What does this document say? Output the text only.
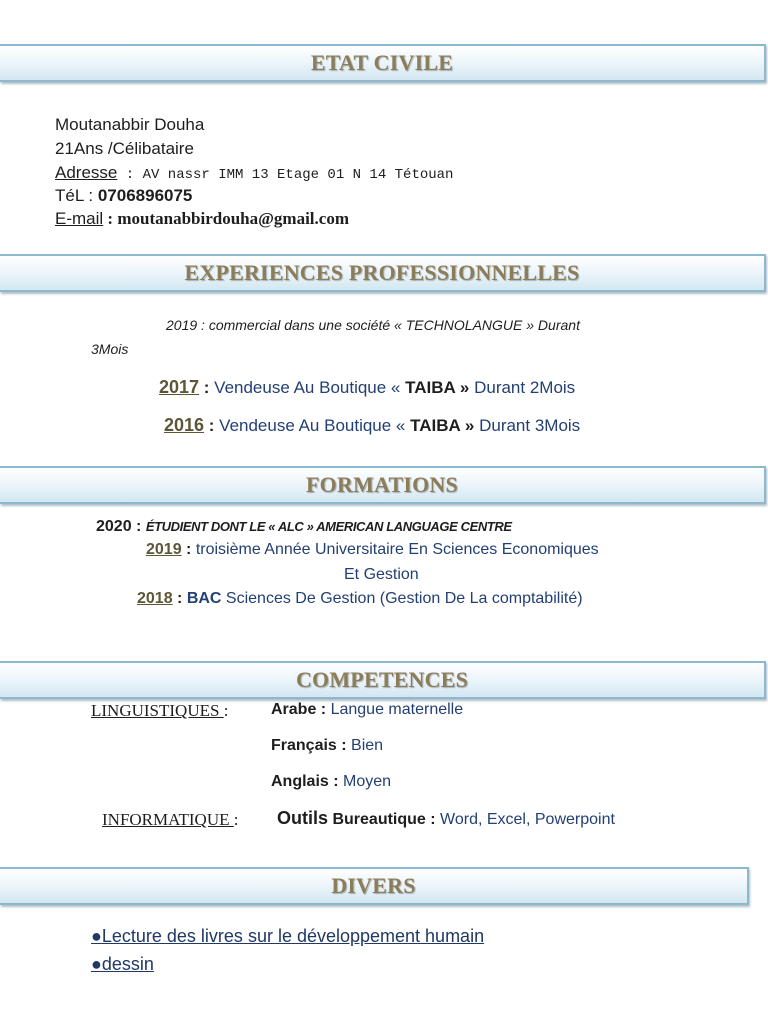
ETAT CIVILE
Moutanabbir Douha
21Ans /Célibataire
Adresse : AV nassr IMM 13 Etage 01 N 14 Tétouan
TéL : 0706896075
E-mail : moutanabbirdouha@gmail.com
EXPERIENCES PROFESSIONNELLES
2019 : commercial dans une société « TECHNOLANGUE » Durant
3Mois
2017 : Vendeuse Au Boutique « TAIBA » Durant 2Mois
2016 : Vendeuse Au Boutique « TAIBA » Durant 3Mois
FORMATIONS
2020 : ÉTUDIENT DONT LE « ALC » AMERICAN LANGUAGE CENTRE
2019 : troisième Année Universitaire En Sciences Economiques
Et Gestion
2018 : BAC Sciences De Gestion (Gestion De La comptabilité)
COMPETENCES
LINGUISTIQUES :	Arabe : Langue maternelle
Français : Bien
Anglais : Moyen
INFORMATIQUE : Outils Bureautique : Word, Excel, Powerpoint
DIVERS
●Lecture des livres sur le développement humain
●dessin
